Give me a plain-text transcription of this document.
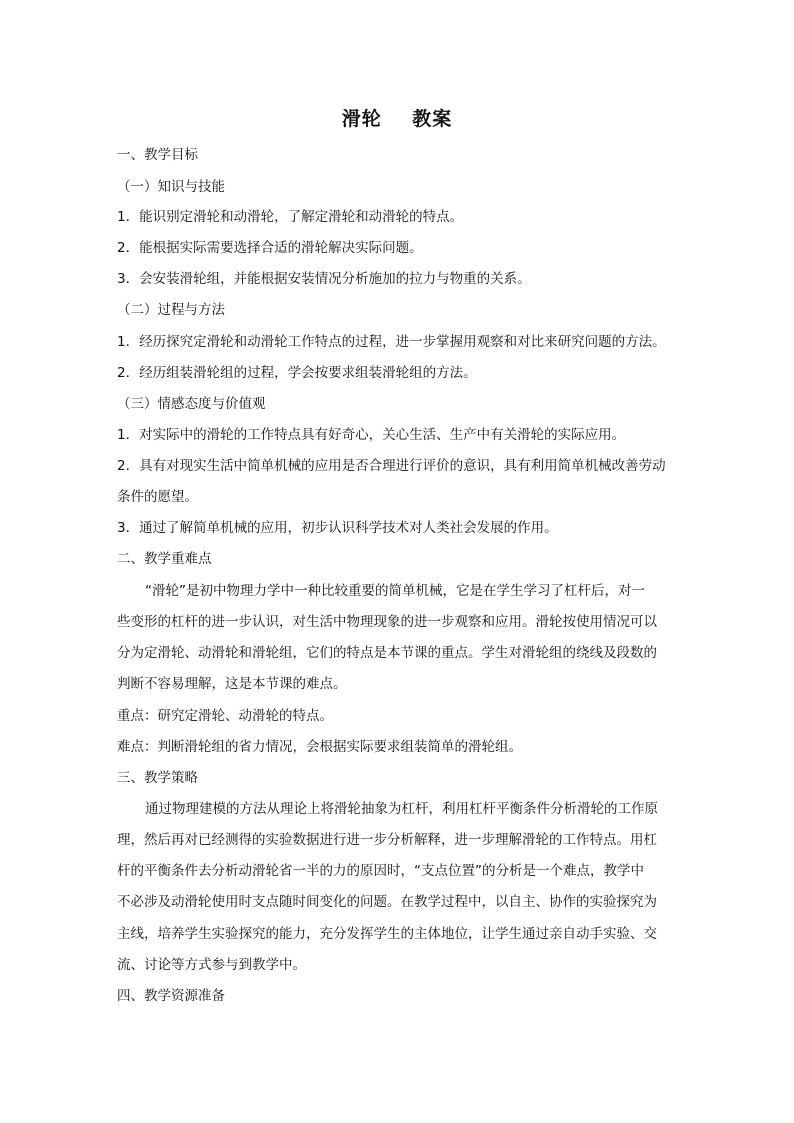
滑轮    教案
一、教学目标
（一）知识与技能
1．能识别定滑轮和动滑轮，了解定滑轮和动滑轮的特点。
2．能根据实际需要选择合适的滑轮解决实际问题。
3．会安装滑轮组，并能根据安装情况分析施加的拉力与物重的关系。
（二）过程与方法
1．经历探究定滑轮和动滑轮工作特点的过程，进一步掌握用观察和对比来研究问题的方法。
2．经历组装滑轮组的过程，学会按要求组装滑轮组的方法。
（三）情感态度与价值观
1．对实际中的滑轮的工作特点具有好奇心，关心生活、生产中有关滑轮的实际应用。
2．具有对现实生活中简单机械的应用是否合理进行评价的意识，具有利用简单机械改善劳动
条件的愿望。
3．通过了解简单机械的应用，初步认识科学技术对人类社会发展的作用。
二、教学重难点
“滑轮”是初中物理力学中一种比较重要的简单机械，它是在学生学习了杠杆后，对一
些变形的杠杆的进一步认识，对生活中物理现象的进一步观察和应用。滑轮按使用情况可以
分为定滑轮、动滑轮和滑轮组，它们的特点是本节课的重点。学生对滑轮组的绕线及段数的
判断不容易理解，这是本节课的难点。
重点：研究定滑轮、动滑轮的特点。
难点：判断滑轮组的省力情况，会根据实际要求组装简单的滑轮组。
三、教学策略
通过物理建模的方法从理论上将滑轮抽象为杠杆，利用杠杆平衡条件分析滑轮的工作原
理，然后再对已经测得的实验数据进行进一步分析解释，进一步理解滑轮的工作特点。用杠
杆的平衡条件去分析动滑轮省一半的力的原因时，“支点位置”的分析是一个难点，教学中
不必涉及动滑轮使用时支点随时间变化的问题。在教学过程中，以自主、协作的实验探究为
主线，培养学生实验探究的能力，充分发挥学生的主体地位，让学生通过亲自动手实验、交
流、讨论等方式参与到教学中。
四、教学资源准备
